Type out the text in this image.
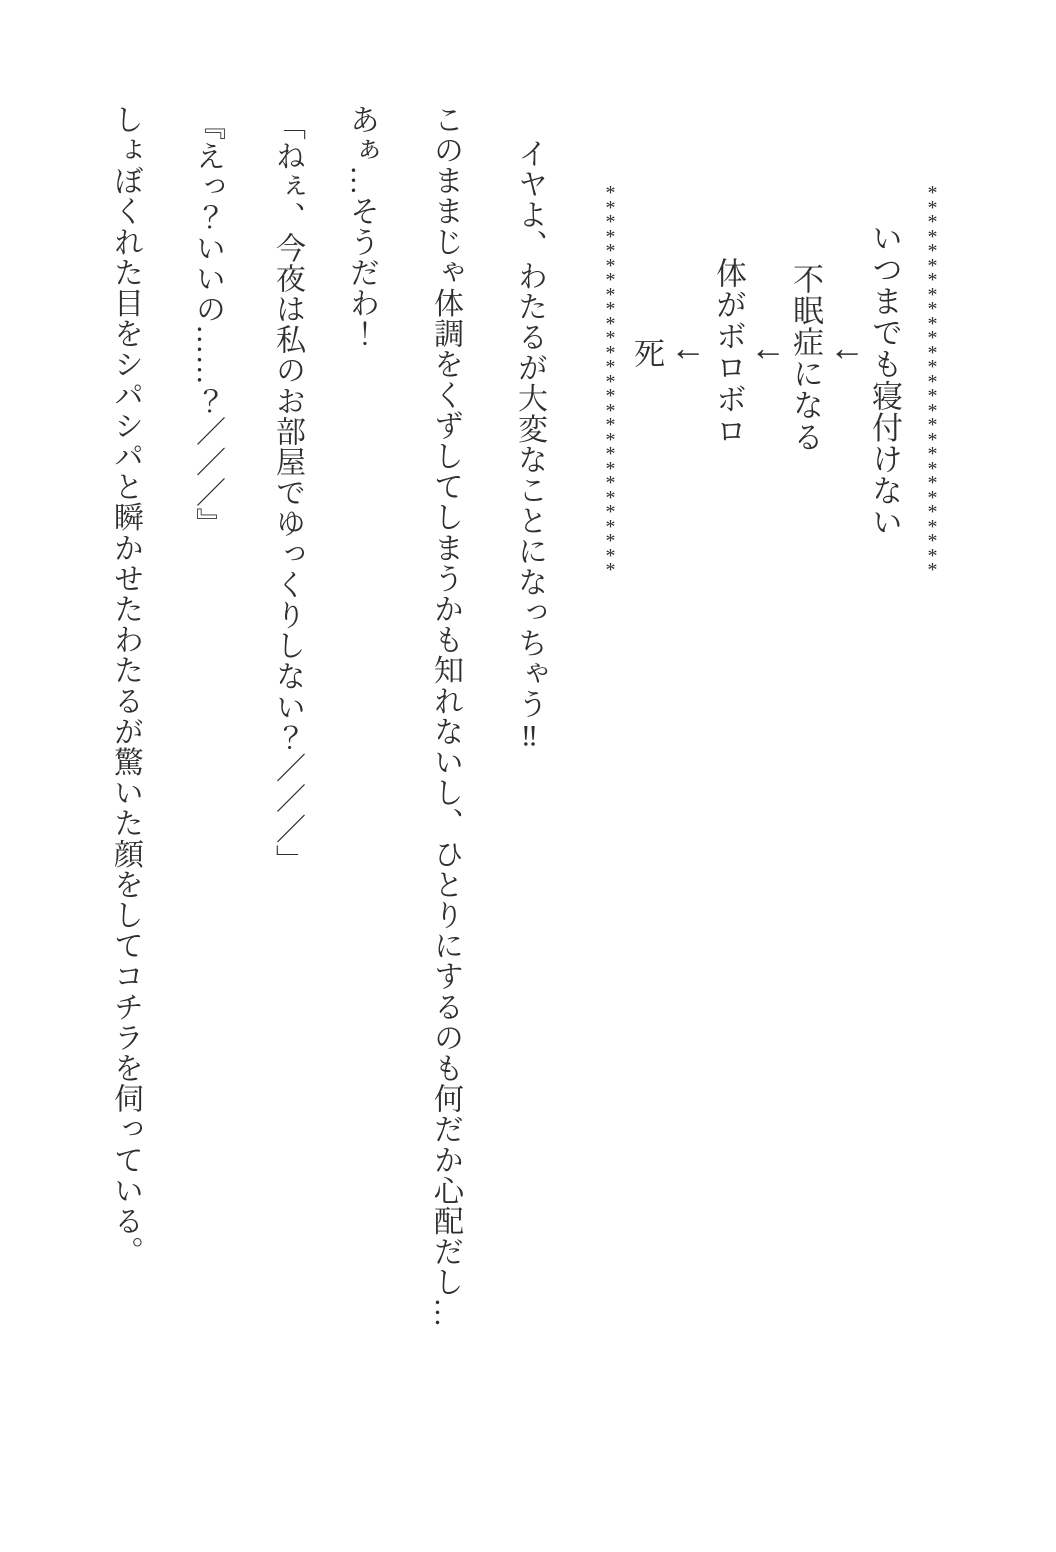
***************************
いつまでも寝付けない
←
不眠症になる
←
体がボロボロ
←
死
***************************
イヤよ、わたるが大変なことになっちゃう‼
このままじゃ体調をくずしてしまうかも知れないし、ひとりにするのも何だか心配だし…
あぁ…そうだわ！
「ねぇ、今夜は私のお部屋でゆっくりしない？／／／」
『えっ？いいの……？／／／』
しょぼくれた目をシパシパと瞬かせたわたるが驚いた顔をしてコチラを伺っている。
